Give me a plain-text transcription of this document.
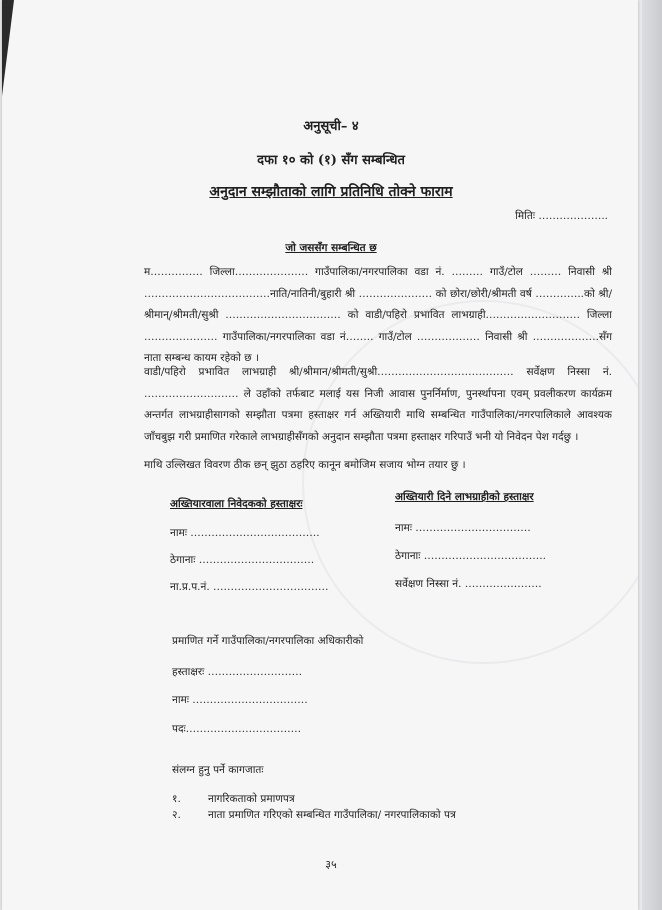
अनुसूची– ४
दफा १० को (१) सँग सम्बन्धित
अनुदान सम्झौताको लागि प्रतिनिधि तोक्ने फाराम
मितिः ………………..
जो जससँग सम्बन्धित छ
म…………… जिल्ला………………… गाउँपालिका/नगरपालिका वडा नं. ……… गाउँ/टोल ……… निवासी श्री ………………………………नाति/नातिनी/बुहारी श्री ………………… को छोरा/छोरी/श्रीमती वर्ष …………..को श्री/श्रीमान्/श्रीमती/सुश्री …………………………… को वाडी/पहिरो प्रभावित लाभग्राही……………………… जिल्ला ………………… गाउँपालिका/नगरपालिका वडा नं…….. गाउँ/टोल ……………… निवासी श्री ……………….सँग नाता सम्बन्ध कायम रहेको छ ।
वाडी/पहिरो प्रभावित लाभग्राही श्री/श्रीमान/श्रीमती/सुश्री………………………………… सर्वेक्षण निस्सा नं. ……………………… ले उहाँको तर्फबाट मलाई यस निजी आवास पुनर्निर्माण, पुनर्स्थापना एवम् प्रवलीकरण कार्यक्रम अन्तर्गत लाभग्राहीसागको सम्झौता पत्रमा हस्ताक्षर गर्न अख्तियारी माथि सम्बन्धित गाउँपालिका/नगरपालिकाले आवश्यक जाँचबुझ गरी प्रमाणित गरेकाले लाभग्राहीसँगको अनुदान सम्झौता पत्रमा हस्ताक्षर गरिपाउँ भनी यो निवेदन पेश गर्दछु ।
माथि उल्लिखत विवरण ठीक छन् झुठा ठहरिए कानून बमोजिम सजाय भोग्न तयार छु ।
अख्तियारवाला निवेदकको हस्ताक्षरः
अख्तियारी दिने लाभग्राहीको हस्ताक्षर
नामः ……………………………….
ठेगानाः ……………………………
ना.प्र.प.नं. ……………………………
नामः ……………………………
ठेगानाः ……………………………..
सर्वेक्षण निस्सा नं. ………………….
प्रमाणित गर्ने गाउँपालिका/नगरपालिका अधिकारीको
हस्ताक्षरः ………………………
नामः ……………………………
पदः……………………………
संलग्न हुनु पर्ने कागजातः
१.	नागरिकताको प्रमाणपत्र
२.	नाता प्रमाणित गरिएको सम्बन्धित गाउँपालिका/ नगरपालिकाको पत्र
३५
